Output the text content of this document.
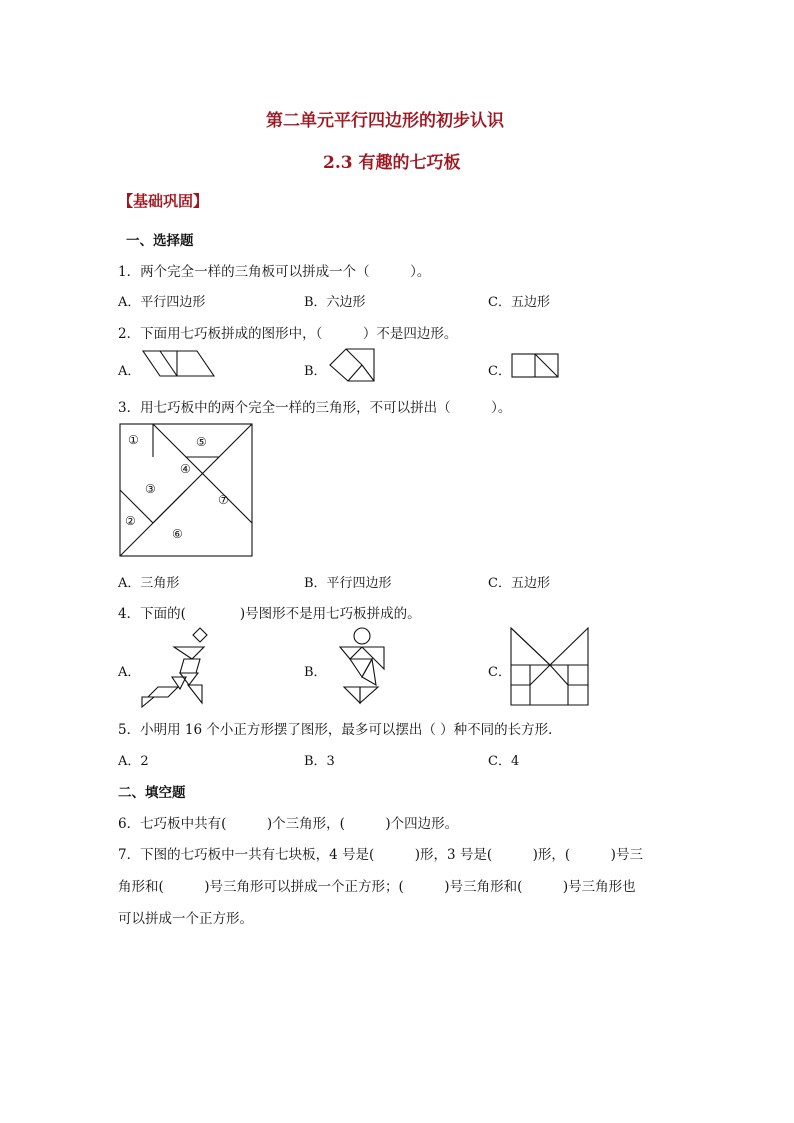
第二单元平行四边形的初步认识
2.3 有趣的七巧板
【基础巩固】
一、选择题
1．两个完全一样的三角板可以拼成一个（　　　）。
A．平行四边形	B．六边形	C．五边形
2．下面用七巧板拼成的图形中，（　　　）不是四边形。
A．	B．	C．
3．用七巧板中的两个完全一样的三角形，不可以拼出（　　　）。
①
②
③
④
⑤
⑥
⑦
A．三角形	B．平行四边形	C．五边形
4．下面的(　　　　)号图形不是用七巧板拼成的。
A．	B．	C．
5．小明用 16 个小正方形摆了图形，最多可以摆出（ ）种不同的长方形．
A．2	B．3	C．4
二、填空题
6．七巧板中共有(　　　)个三角形，(　　　)个四边形。
7．下图的七巧板中一共有七块板，4 号是(　　　)形，3 号是(　　　)形，(　　　)号三
角形和(　　　)号三角形可以拼成一个正方形；(　　　)号三角形和(　　　)号三角形也
可以拼成一个正方形。
